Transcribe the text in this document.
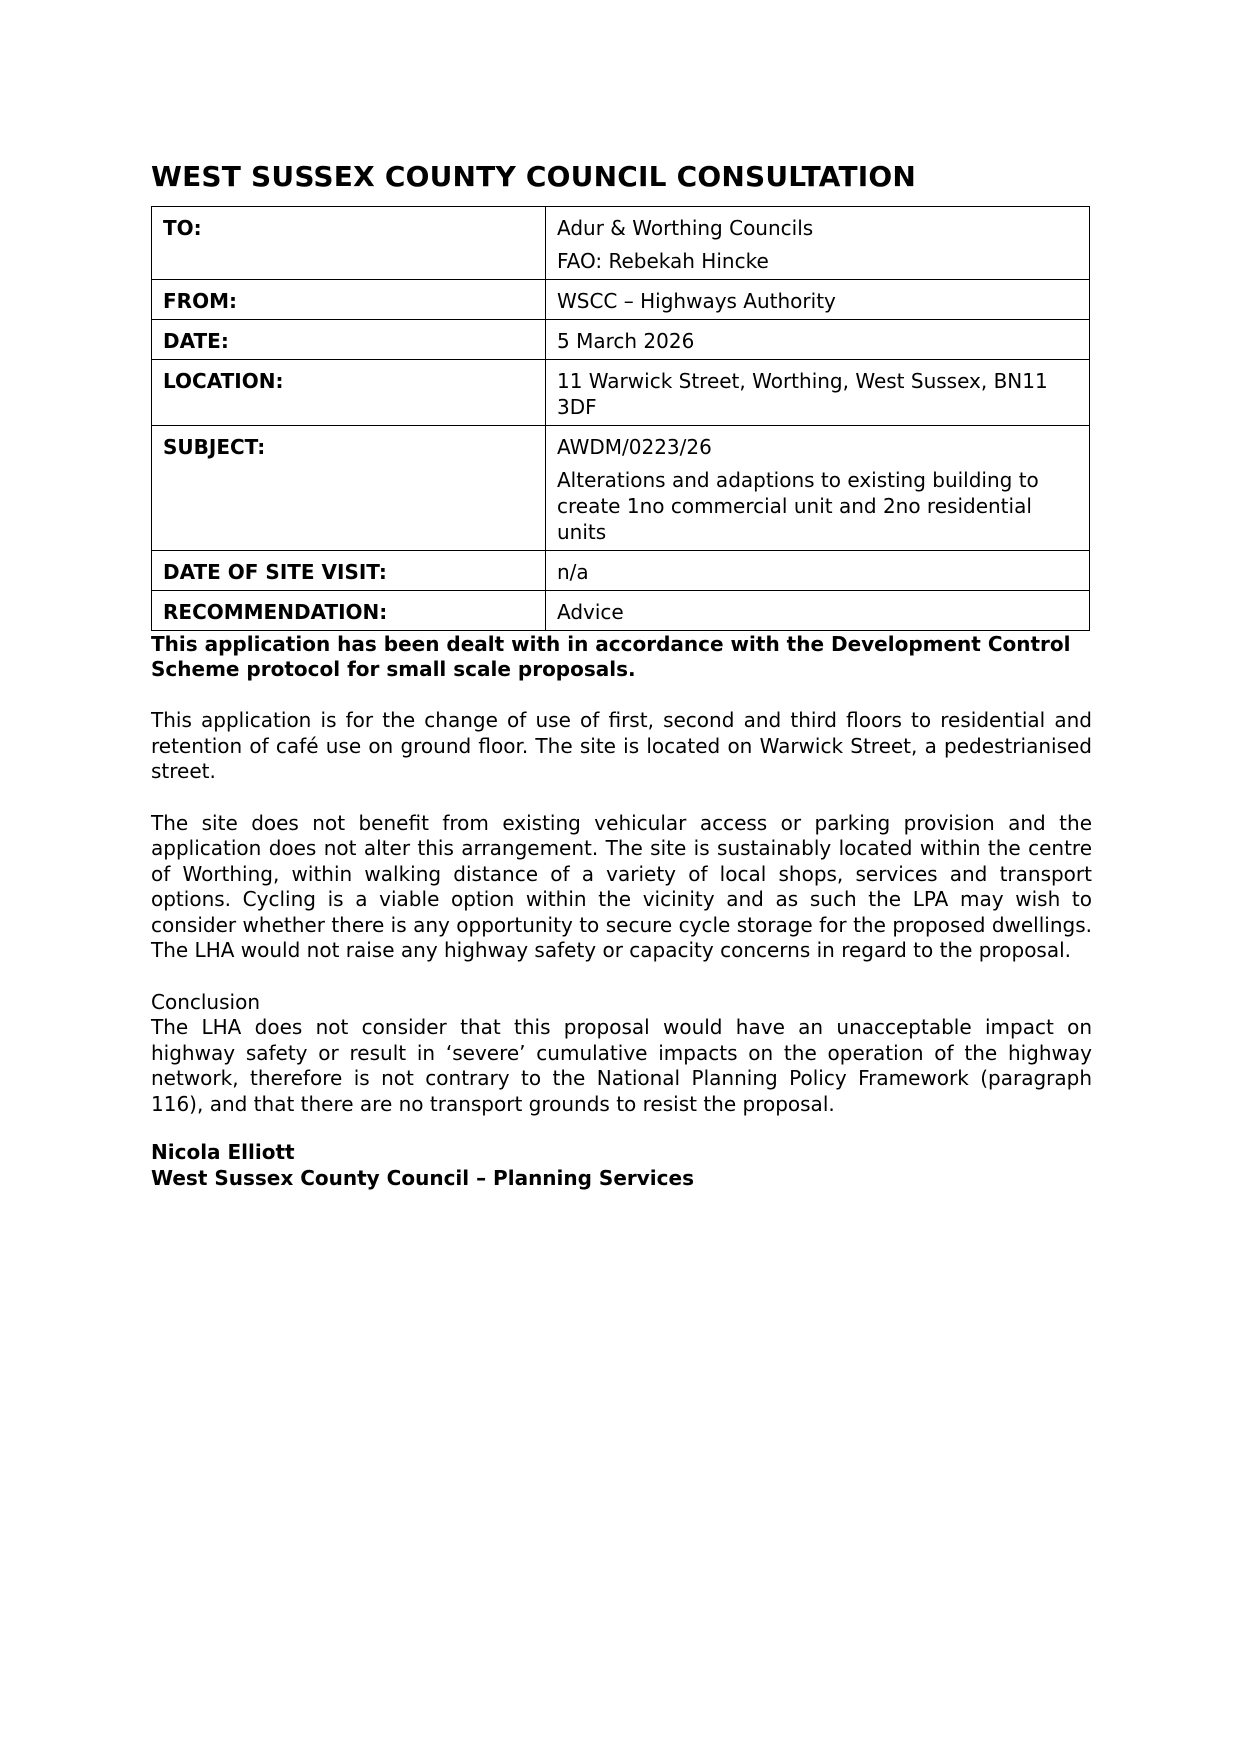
WEST SUSSEX COUNTY COUNCIL CONSULTATION
TO:	Adur & Worthing Councils
FAO: Rebekah Hincke

FROM:	WSCC – Highways Authority

DATE:	5 March 2026

LOCATION:	11 Warwick Street, Worthing, West Sussex, BN11 3DF

SUBJECT:	AWDM/0223/26
Alterations and adaptions to existing building to create 1no commercial unit and 2no residential units

DATE OF SITE VISIT:	n/a

RECOMMENDATION:	Advice

This application has been dealt with in accordance with the Development Control Scheme protocol for small scale proposals.

This application is for the change of use of first, second and third floors to residential and retention of café use on ground floor. The site is located on Warwick Street, a pedestrianised street.

The site does not benefit from existing vehicular access or parking provision and the application does not alter this arrangement. The site is sustainably located within the centre of Worthing, within walking distance of a variety of local shops, services and transport options. Cycling is a viable option within the vicinity and as such the LPA may wish to consider whether there is any opportunity to secure cycle storage for the proposed dwellings. The LHA would not raise any highway safety or capacity concerns in regard to the proposal.

Conclusion

The LHA does not consider that this proposal would have an unacceptable impact on highway safety or result in ‘severe’ cumulative impacts on the operation of the highway network, therefore is not contrary to the National Planning Policy Framework (paragraph 116), and that there are no transport grounds to resist the proposal.

Nicola Elliott
West Sussex County Council – Planning Services
